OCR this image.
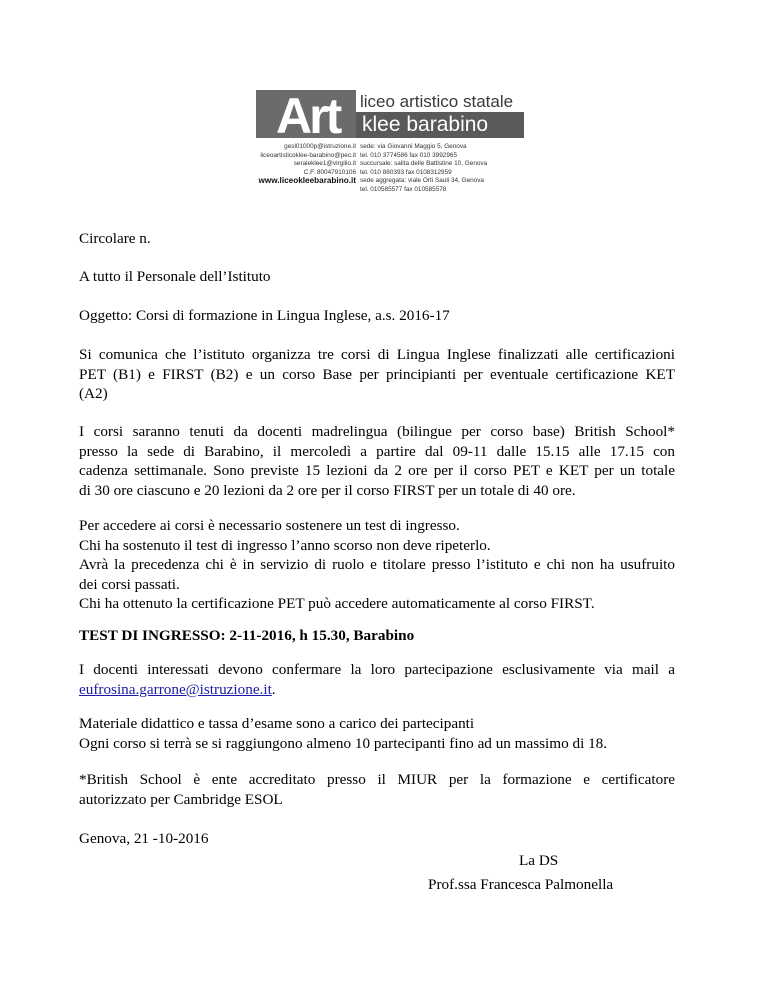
Art liceo artistico statale
klee barabino
gesl01000p@istruzione.it
liceoartisticoklee-barabino@pec.it
seralеklee1@virgilio.it
C.F. 80047910106
www.liceokleebarabino.it
sede: via Giovanni Maggio 5, Genova
tel. 010 3774586 fax 010 3992965
succursale: salita delle Battistine 10, Genova
tel. 010 880393 fax 0108312959
sede aggregata: viale Orti Sauli 34, Genova
tel. 010585577 fax 010585578
Circolare n.
A tutto il Personale dell’Istituto
Oggetto: Corsi di formazione in Lingua Inglese, a.s. 2016-17
Si comunica che l’istituto organizza tre corsi di Lingua Inglese finalizzati alle certificazioni
PET (B1) e FIRST (B2) e un corso Base per principianti per eventuale certificazione KET
(A2)
I corsi saranno tenuti da docenti madrelingua (bilingue per corso base) British School*
presso la sede di Barabino, il mercoledì a partire dal 09-11 dalle 15.15 alle 17.15 con
cadenza settimanale. Sono previste 15 lezioni da 2 ore per il corso PET e KET per un totale
di 30 ore ciascuno e 20 lezioni da 2 ore per il corso FIRST per un totale di 40 ore.
Per accedere ai corsi è necessario sostenere un test di ingresso.
Chi ha sostenuto il test di ingresso l’anno scorso non deve ripeterlo.
Avrà la precedenza chi è in servizio di ruolo e titolare presso l’istituto e chi non ha usufruito
dei corsi passati.
Chi ha ottenuto la certificazione PET può accedere automaticamente al corso FIRST.
TEST DI INGRESSO: 2-11-2016, h 15.30, Barabino
I docenti interessati devono confermare la loro partecipazione esclusivamente via mail a
eufrosina.garrone@istruzione.it.
Materiale didattico e tassa d’esame sono a carico dei partecipanti
Ogni corso si terrà se si raggiungono almeno 10 partecipanti fino ad un massimo di 18.
*British School è ente accreditato presso il MIUR per la formazione e certificatore
autorizzato per Cambridge ESOL
Genova, 21 -10-2016
La DS
Prof.ssa Francesca Palmonella
